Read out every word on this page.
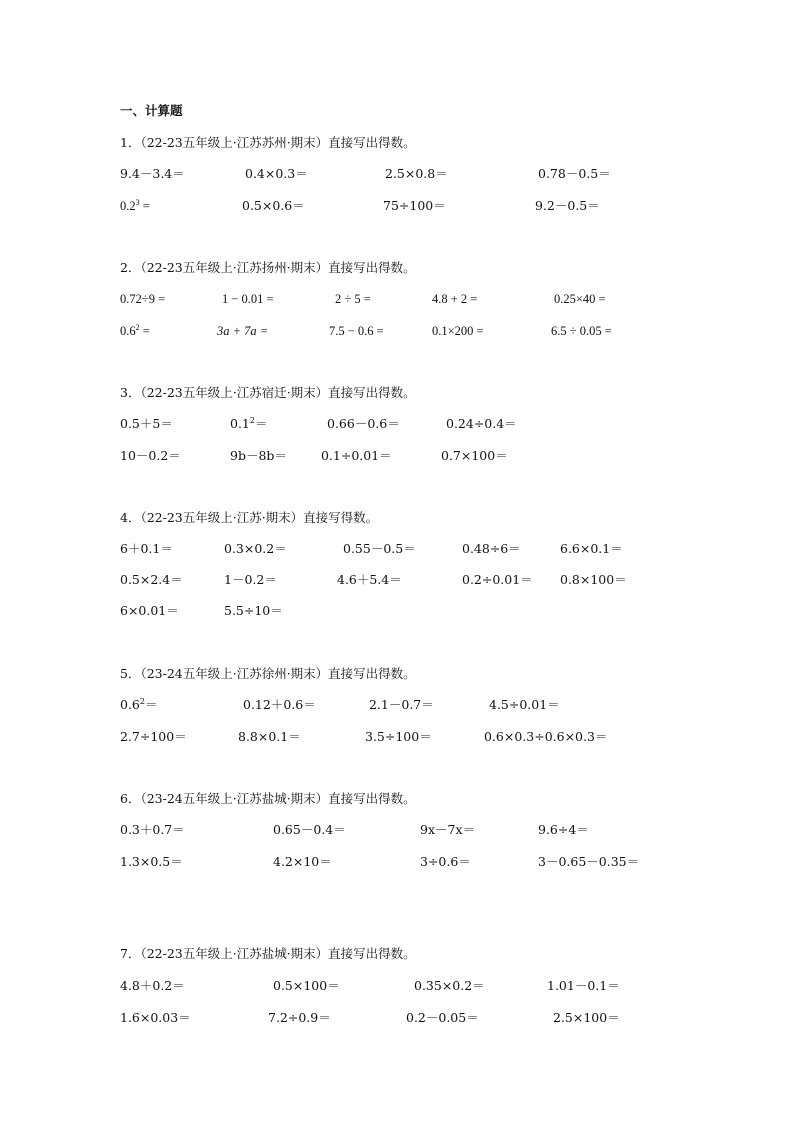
一、计算题
1．（22-23五年级上·江苏苏州·期末）直接写出得数。
9.4－3.4＝	0.4×0.3＝	2.5×0.8＝	0.78－0.5＝
$0.2^3$ =	0.5×0.6＝	75÷100＝	9.2－0.5＝
2．（22-23五年级上·江苏扬州·期末）直接写出得数。
0.72÷9 =	1 − 0.01 =	2 ÷ 5 =	4.8 + 2 =	0.25×40 =
$0.6^2$ =	3a + 7a =	7.5 − 0.6 =	0.1×200 =	6.5 ÷ 0.05 =
3．（22-23五年级上·江苏宿迁·期末）直接写出得数。
0.5＋5＝	$0.1^2=$	0.66－0.6＝	0.24÷0.4＝
10－0.2＝	9b－8b＝	0.1÷0.01＝	0.7×100＝
4．（22-23五年级上·江苏·期末）直接写得数。
6＋0.1＝	0.3×0.2＝	0.55－0.5＝	0.48÷6＝	6.6×0.1＝
0.5×2.4＝	1－0.2＝	4.6＋5.4＝	0.2÷0.01＝ 0.8×100＝
6×0.01＝	5.5÷10＝
5．（23-24五年级上·江苏徐州·期末）直接写出得数。
$0.6^2=$	0.12＋0.6＝	2.1－0.7＝	4.5÷0.01＝
2.7÷100＝	8.8×0.1＝	3.5÷100＝	0.6×0.3÷0.6×0.3＝
6．（23-24五年级上·江苏盐城·期末）直接写出得数。
0.3＋0.7＝	0.65－0.4＝	9x－7x＝	9.6÷4＝
1.3×0.5＝	4.2×10＝	3÷0.6＝	3－0.65－0.35＝
7．（22-23五年级上·江苏盐城·期末）直接写出得数。
4.8＋0.2＝	0.5×100＝	0.35×0.2＝	1.01－0.1＝
1.6×0.03＝	7.2÷0.9＝	0.2－0.05＝	2.5×100＝
